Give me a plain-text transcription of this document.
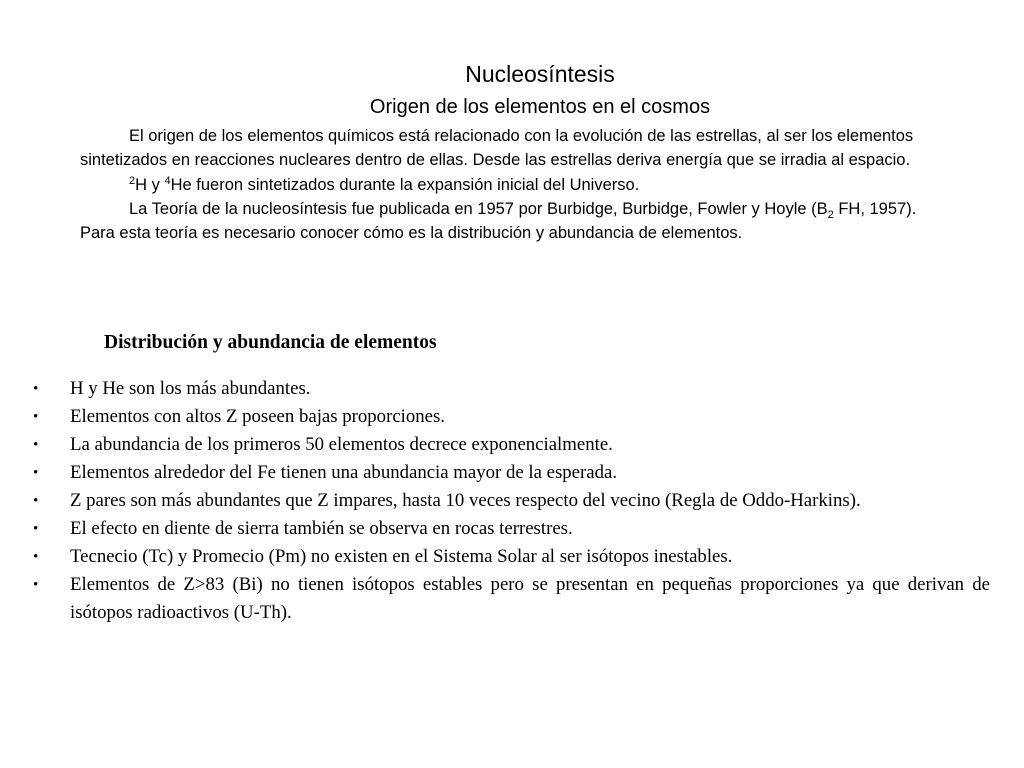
Nucleosíntesis
Origen de los elementos en el cosmos

El origen de los elementos químicos está relacionado con la evolución de las estrellas, al ser los elementos sintetizados en reacciones nucleares dentro de ellas. Desde las estrellas deriva energía que se irradia al espacio.

$^2$H y $^4$He fueron sintetizados durante la expansión inicial del Universo.

La Teoría de la nucleosíntesis fue publicada en 1957 por Burbidge, Burbidge, Fowler y Hoyle ($B_2$ FH, 1957). Para esta teoría es necesario conocer cómo es la distribución y abundancia de elementos.

Distribución y abundancia de elementos
• H y He son los más abundantes.
• Elementos con altos Z poseen bajas proporciones.
• La abundancia de los primeros 50 elementos decrece exponencialmente.
• Elementos alrededor del Fe tienen una abundancia mayor de la esperada.
• Z pares son más abundantes que Z impares, hasta 10 veces respecto del vecino (Regla de Oddo-Harkins).
• El efecto en diente de sierra también se observa en rocas terrestres.
• Tecnecio (Tc) y Promecio (Pm) no existen en el Sistema Solar al ser isótopos inestables.
• Elementos de Z>83 (Bi) no tienen isótopos estables pero se presentan en pequeñas proporciones ya que derivan de isótopos radioactivos (U-Th).
